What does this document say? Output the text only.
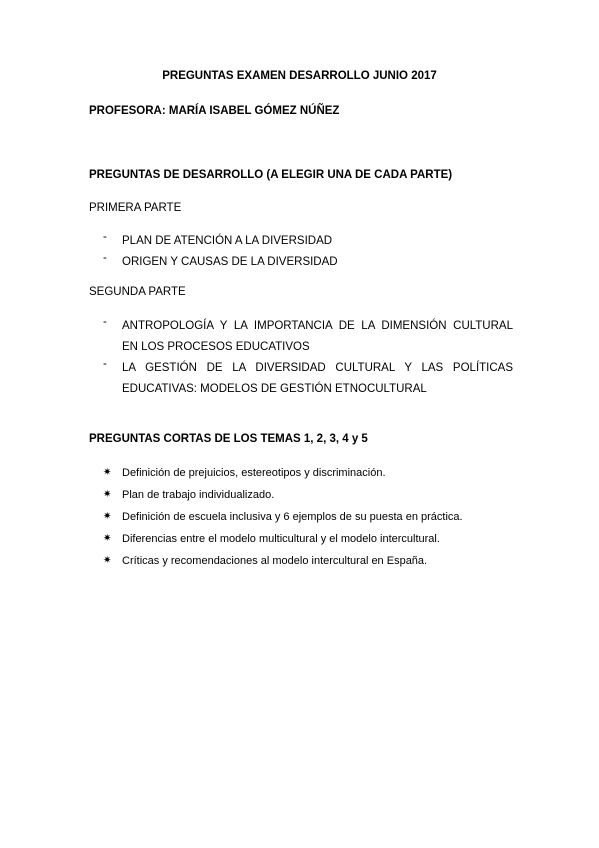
PREGUNTAS EXAMEN DESARROLLO JUNIO 2017
PROFESORA: MARÍA ISABEL GÓMEZ NÚÑEZ
PREGUNTAS DE DESARROLLO (A ELEGIR UNA DE CADA PARTE)
PRIMERA PARTE
- PLAN DE ATENCIÓN A LA DIVERSIDAD
- ORIGEN Y CAUSAS DE LA DIVERSIDAD
SEGUNDA PARTE
- ANTROPOLOGÍA Y LA IMPORTANCIA DE LA DIMENSIÓN CULTURAL
EN LOS PROCESOS EDUCATIVOS
- LA GESTIÓN DE LA DIVERSIDAD CULTURAL Y LAS POLÍTICAS
EDUCATIVAS: MODELOS DE GESTIÓN ETNOCULTURAL
PREGUNTAS CORTAS DE LOS TEMAS 1, 2, 3, 4 y 5
✷ Definición de prejuicios, estereotipos y discriminación.
✷ Plan de trabajo individualizado.
✷ Definición de escuela inclusiva y 6 ejemplos de su puesta en práctica.
✷ Diferencias entre el modelo multicultural y el modelo intercultural.
✷ Críticas y recomendaciones al modelo intercultural en España.
